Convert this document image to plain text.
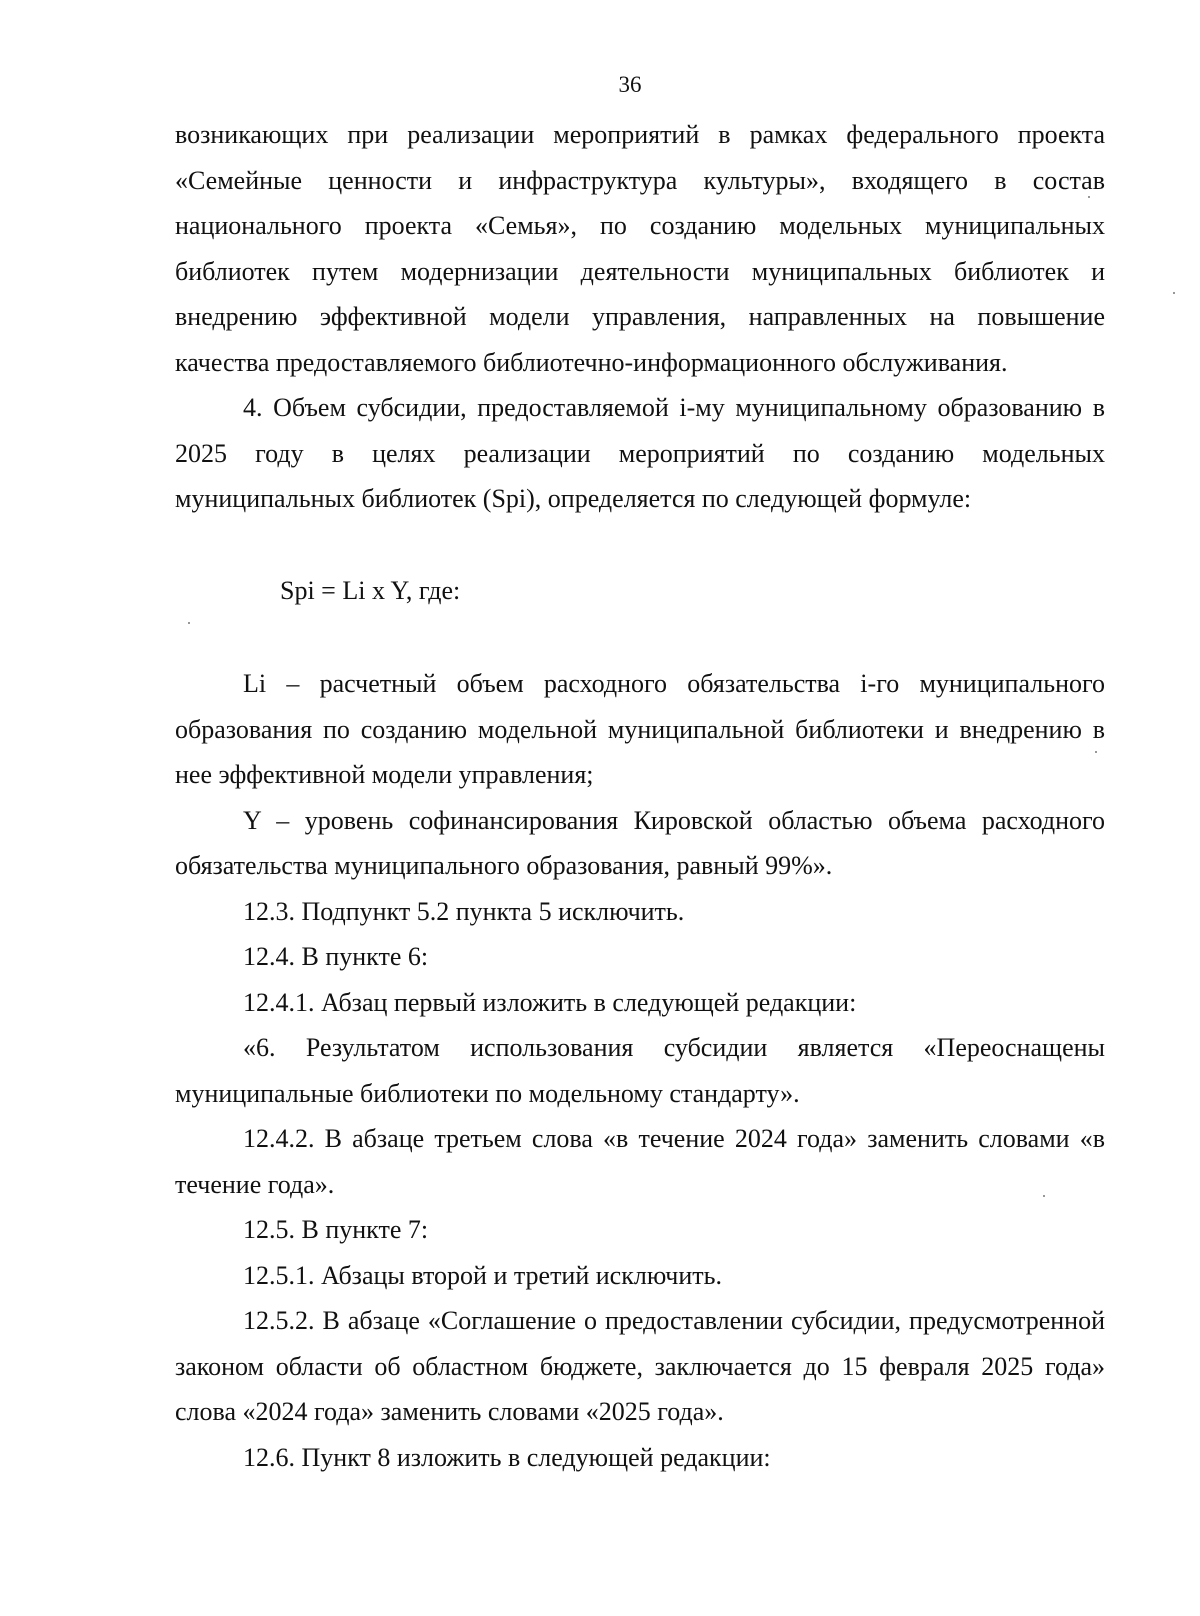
36

возникающих при реализации мероприятий в рамках федерального проекта «Семейные ценности и инфраструктура культуры», входящего в состав национального проекта «Семья», по созданию модельных муниципальных библиотек путем модернизации деятельности муниципальных библиотек и внедрению эффективной модели управления, направленных на повышение качества предоставляемого библиотечно-информационного обслуживания.

4. Объем субсидии, предоставляемой i-му муниципальному образованию в 2025 году в целях реализации мероприятий по созданию модельных муниципальных библиотек (Spi), определяется по следующей формуле:

Spi = Li x Y, где:

Li – расчетный объем расходного обязательства i-го муниципального образования по созданию модельной муниципальной библиотеки и внедрению в нее эффективной модели управления;

Y – уровень софинансирования Кировской областью объема расходного обязательства муниципального образования, равный 99%».

12.3. Подпункт 5.2 пункта 5 исключить.

12.4. В пункте 6:

12.4.1. Абзац первый изложить в следующей редакции:

«6. Результатом использования субсидии является «Переоснащены муниципальные библиотеки по модельному стандарту».

12.4.2. В абзаце третьем слова «в течение 2024 года» заменить словами «в течение года».

12.5. В пункте 7:

12.5.1. Абзацы второй и третий исключить.

12.5.2. В абзаце «Соглашение о предоставлении субсидии, предусмотренной законом области об областном бюджете, заключается до 15 февраля 2025 года» слова «2024 года» заменить словами «2025 года».

12.6. Пункт 8 изложить в следующей редакции:
